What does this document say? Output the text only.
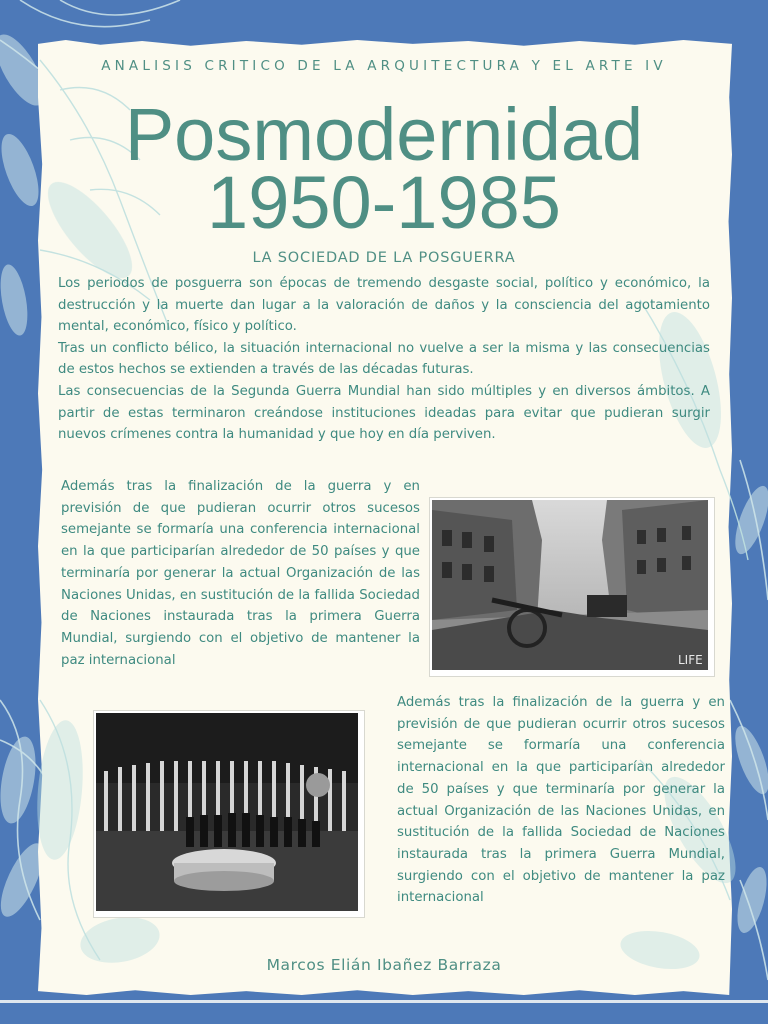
ANALISIS CRITICO DE LA ARQUITECTURA Y EL ARTE IV
Posmodernidad
1950-1985
LA SOCIEDAD DE LA POSGUERRA

Los periodos de posguerra son épocas de tremendo desgaste social, político y económico, la destrucción y la muerte dan lugar a la valoración de daños y la consciencia del agotamiento mental, económico, físico y político.

Tras un conflicto bélico, la situación internacional no vuelve a ser la misma y las consecuencias de estos hechos se extienden a través de las décadas futuras.

Las consecuencias de la Segunda Guerra Mundial han sido múltiples y en diversos ámbitos. A partir de estas terminaron creándose instituciones ideadas para evitar que pudieran surgir nuevos crímenes contra la humanidad y que hoy en día perviven.

Además tras la finalización de la guerra y en previsión de que pudieran ocurrir otros sucesos semejante se formaría una conferencia internacional en la que participarían alrededor de 50 países y que terminaría por generar la actual Organización de las Naciones Unidas, en sustitución de la fallida Sociedad de Naciones instaurada tras la primera Guerra Mundial, surgiendo con el objetivo de mantener la paz internacional	LIFE
Además tras la finalización de la guerra y en previsión de que pudieran ocurrir otros sucesos semejante se formaría una conferencia internacional en la que participarían alrededor de 50 países y que terminaría por generar la actual Organización de las Naciones Unidas, en sustitución de la fallida Sociedad de Naciones instaurada tras la primera Guerra Mundial, surgiendo con el objetivo de mantener la paz internacional
Marcos Elián Ibañez Barraza
